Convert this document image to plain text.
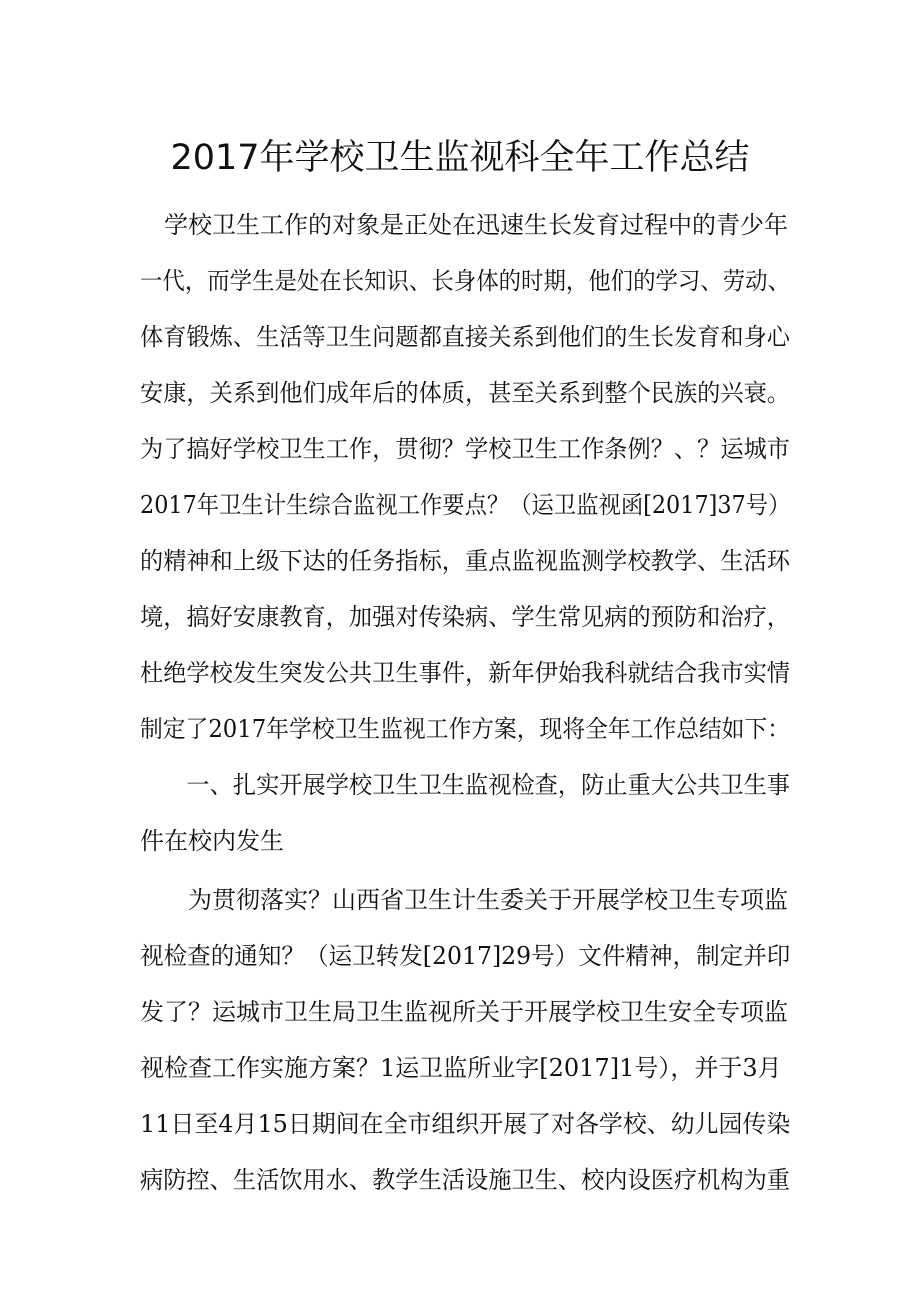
2017年学校卫生监视科全年工作总结
　学校卫生工作的对象是正处在迅速生长发育过程中的青少年
一代，而学生是处在长知识、长身体的时期，他们的学习、劳动、
体育锻炼、生活等卫生问题都直接关系到他们的生长发育和身心
安康，关系到他们成年后的体质，甚至关系到整个民族的兴衰。
为了搞好学校卫生工作，贯彻？学校卫生工作条例？、？运城市
2017年卫生计生综合监视工作要点？（运卫监视函[2017]37号）
的精神和上级下达的任务指标，重点监视监测学校教学、生活环
境，搞好安康教育，加强对传染病、学生常见病的预防和治疗，
杜绝学校发生突发公共卫生事件，新年伊始我科就结合我市实情
制定了2017年学校卫生监视工作方案，现将全年工作总结如下：
　　一、扎实开展学校卫生卫生监视检查，防止重大公共卫生事
件在校内发生
　　为贯彻落实？山西省卫生计生委关于开展学校卫生专项监
视检查的通知？（运卫转发[2017]29号）文件精神，制定并印
发了？运城市卫生局卫生监视所关于开展学校卫生安全专项监
视检查工作实施方案？1运卫监所业字[2017]1号），并于3月
11日至4月15日期间在全市组织开展了对各学校、幼儿园传染
病防控、生活饮用水、教学生活设施卫生、校内设医疗机构为重
